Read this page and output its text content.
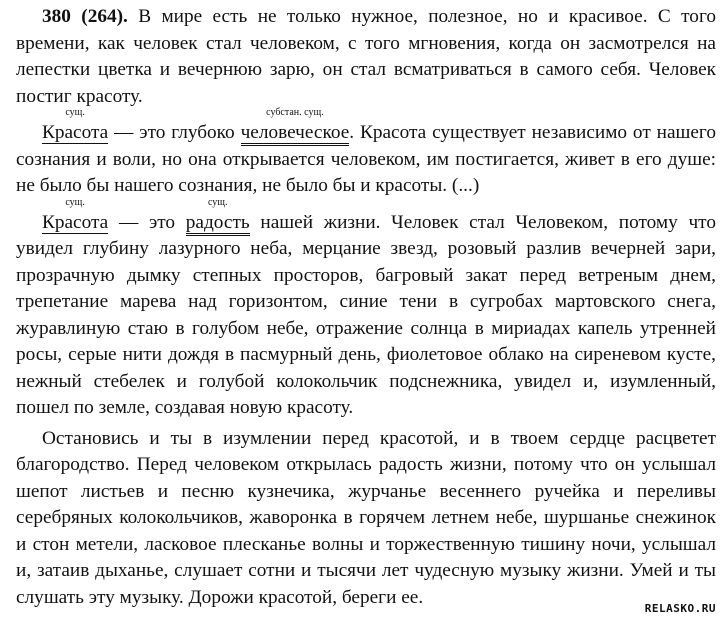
380 (264). В мире есть не только нужное, полезное, но и красивое. С того времени, как человек стал человеком, с того мгновения, когда он засмотрелся на лепестки цветка и вечернюю зарю, он стал всматриваться в самого себя. Человек постиг красоту.

сущ.
Красота — это глубоко
субстан. сущ.
человеческое. Красота существует независимо от нашего сознания и воли, но она открывается человеком, им постигается, живет в его душе: не было бы нашего сознания, не было бы и красоты. (...)

сущ.
Красота — это
сущ.
радость нашей жизни. Человек стал Человеком, потому что увидел глубину лазурного неба, мерцание звезд, розовый разлив вечерней зари, прозрачную дымку степных просторов, багровый закат перед ветреным днем, трепетание марева над горизонтом, синие тени в сугробах мартовского снега, журавлиную стаю в голубом небе, отражение солнца в мириадах капель утренней росы, серые нити дождя в пасмурный день, фиолетовое облако на сиреневом кусте, нежный стебелек и голубой колокольчик подснежника, увидел и, изумленный, пошел по земле, создавая новую красоту.

Остановись и ты в изумлении перед красотой, и в твоем сердце расцветет благородство. Перед человеком открылась радость жизни, потому что он услышал шепот листьев и песню кузнечика, журчанье весеннего ручейка и переливы серебряных колокольчиков, жаворонка в горячем летнем небе, шуршанье снежинок и стон метели, ласковое плесканье волны и торжественную тишину ночи, услышал и, затаив дыханье, слушает сотни и тысячи лет чудесную музыку жизни. Умей и ты слушать эту музыку. Дорожи красотой, береги ее.

RELASKO.RU
